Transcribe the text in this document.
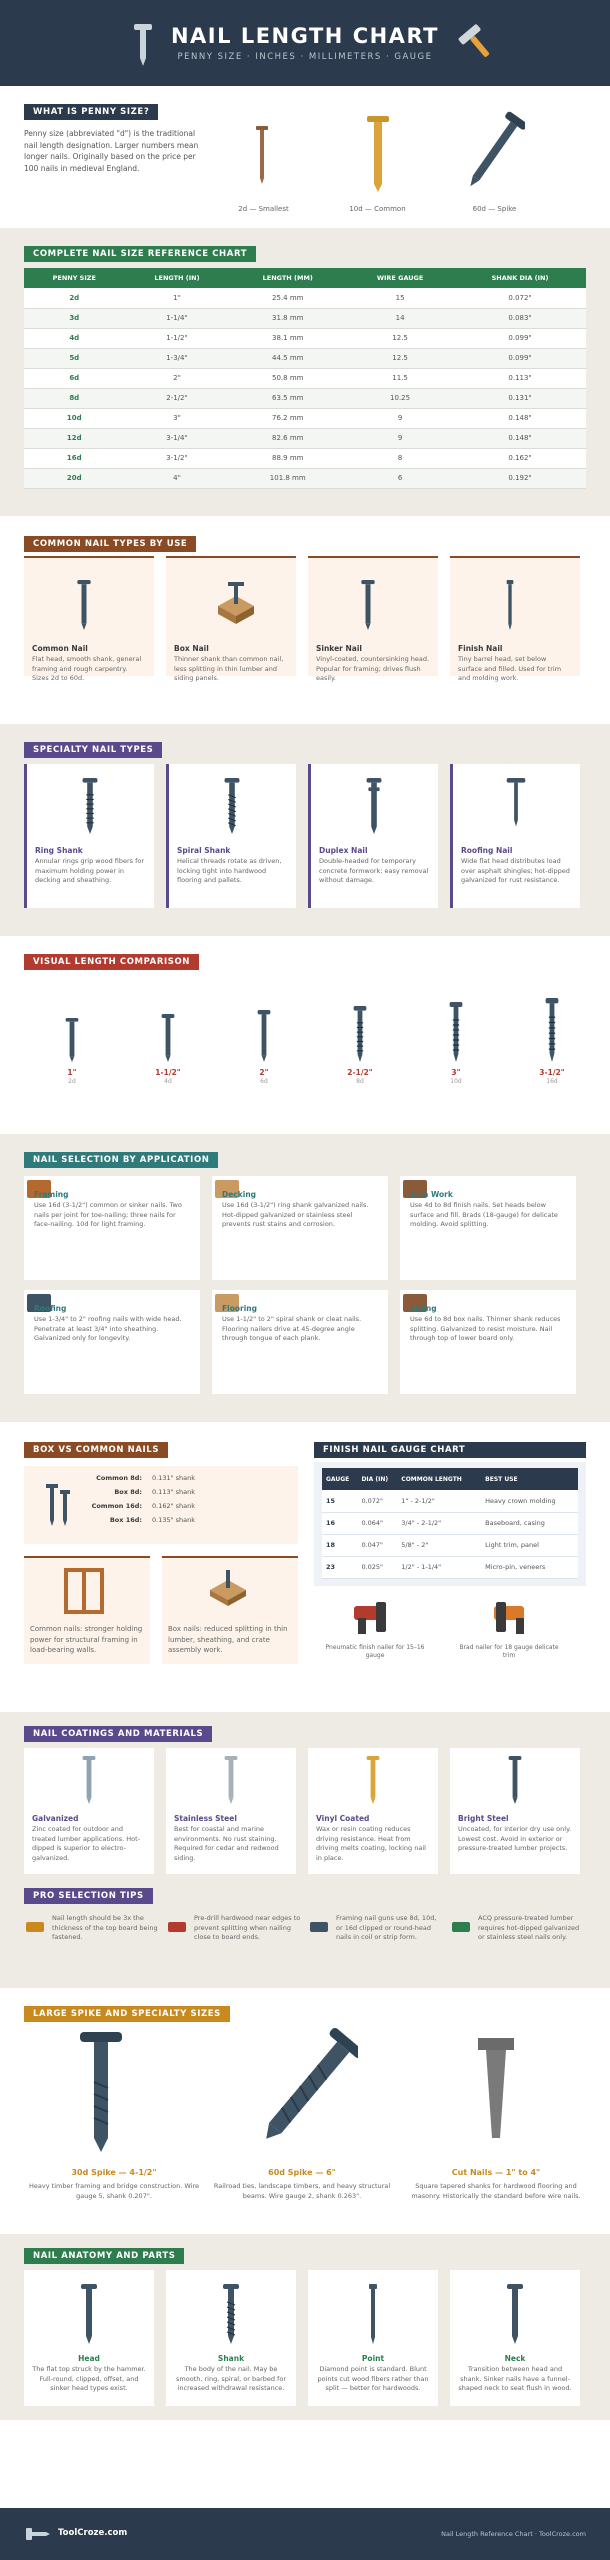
NAIL LENGTH CHART
PENNY SIZE · INCHES · MILLIMETERS · GAUGE
WHAT IS PENNY SIZE?
Penny size (abbreviated "d") is the traditional nail length designation. Larger numbers mean longer nails. Originally based on the price per 100 nails in medieval England.
2d — Smallest	10d — Common	60d — Spike
COMPLETE NAIL SIZE REFERENCE CHART
PENNY SIZE	LENGTH (IN)	LENGTH (MM)	WIRE GAUGE	SHANK DIA (IN)
2d	1"	25.4 mm	15	0.072"
3d	1-1/4"	31.8 mm	14	0.083"
4d	1-1/2"	38.1 mm	12.5	0.099"
5d	1-3/4"	44.5 mm	12.5	0.099"
6d	2"	50.8 mm	11.5	0.113"
8d	2-1/2"	63.5 mm	10.25	0.131"
10d	3"	76.2 mm	9	0.148"
12d	3-1/4"	82.6 mm	9	0.148"
16d	3-1/2"	88.9 mm	8	0.162"
20d	4"	101.8 mm	6	0.192"
COMMON NAIL TYPES BY USE
Common Nail
Flat head, smooth shank, general framing and rough carpentry. Sizes 2d to 60d.
Box Nail
Thinner shank than common nail, less splitting in thin lumber and siding panels.
Sinker Nail
Vinyl-coated, countersinking head. Popular for framing; drives flush easily.
Finish Nail
Tiny barrel head, set below surface and filled. Used for trim and molding work.
SPECIALTY NAIL TYPES
Ring Shank
Annular rings grip wood fibers for maximum holding power in decking and sheathing.
Spiral Shank
Helical threads rotate as driven, locking tight into hardwood flooring and pallets.
Duplex Nail
Double-headed for temporary concrete formwork; easy removal without damage.
Roofing Nail
Wide flat head distributes load over asphalt shingles; hot-dipped galvanized for rust resistance.
VISUAL LENGTH COMPARISON
1"
2d
1-1/2"
4d
2"
6d
2-1/2"
8d
3"
10d
3-1/2"
16d
NAIL SELECTION BY APPLICATION
Framing
Use 16d (3-1/2") common or sinker nails. Two nails per joint for toe-nailing; three nails for face-nailing. 10d for light framing.
Decking
Use 16d (3-1/2") ring shank galvanized nails. Hot-dipped galvanized or stainless steel prevents rust stains and corrosion.
Trim Work
Use 4d to 8d finish nails. Set heads below surface and fill. Brads (18-gauge) for delicate molding. Avoid splitting.
Roofing
Use 1-3/4" to 2" roofing nails with wide head. Penetrate at least 3/4" into sheathing. Galvanized only for longevity.
Flooring
Use 1-1/2" to 2" spiral shank or cleat nails. Flooring nailers drive at 45-degree angle through tongue of each plank.
Siding
Use 6d to 8d box nails. Thinner shank reduces splitting. Galvanized to resist moisture. Nail through top of lower board only.
BOX VS COMMON NAILS
Common 8d: 0.131" shank
Box 8d: 0.113" shank
Common 16d: 0.162" shank
Box 16d: 0.135" shank
Common nails: stronger holding power for structural framing in load-bearing walls.
Box nails: reduced splitting in thin lumber, sheathing, and crate assembly work.
FINISH NAIL GAUGE CHART
GAUGE	DIA (IN)	COMMON LENGTH	BEST USE
15	0.072"	1" - 2-1/2"	Heavy crown molding
16	0.064"	3/4" - 2-1/2"	Baseboard, casing
18	0.047"	5/8" - 2"	Light trim, panel
23	0.025"	1/2" - 1-1/4"	Micro-pin, veneers
Pneumatic finish nailer for 15–16 gauge
Brad nailer for 18 gauge delicate trim
NAIL COATINGS AND MATERIALS
Galvanized
Zinc coated for outdoor and treated lumber applications. Hot-dipped is superior to electro-galvanized.
Stainless Steel
Best for coastal and marine environments. No rust staining. Required for cedar and redwood siding.
Vinyl Coated
Wax or resin coating reduces driving resistance. Heat from driving melts coating, locking nail in place.
Bright Steel
Uncoated, for interior dry use only. Lowest cost. Avoid in exterior or pressure-treated lumber projects.
PRO SELECTION TIPS
Nail length should be 3x the thickness of the top board being fastened.
Pre-drill hardwood near edges to prevent splitting when nailing close to board ends.
Framing nail guns use 8d, 10d, or 16d clipped or round-head nails in coil or strip form.
ACQ pressure-treated lumber requires hot-dipped galvanized or stainless steel nails only.
LARGE SPIKE AND SPECIALTY SIZES
30d Spike — 4-1/2"
Heavy timber framing and bridge construction. Wire gauge 5, shank 0.207".
60d Spike — 6"
Railroad ties, landscape timbers, and heavy structural beams. Wire gauge 2, shank 0.263".
Cut Nails — 1" to 4"
Square tapered shanks for hardwood flooring and masonry. Historically the standard before wire nails.
NAIL ANATOMY AND PARTS
Head
The flat top struck by the hammer. Full-round, clipped, offset, and sinker head types exist.
Shank
The body of the nail. May be smooth, ring, spiral, or barbed for increased withdrawal resistance.
Point
Diamond point is standard. Blunt points cut wood fibers rather than split — better for hardwoods.
Neck
Transition between head and shank. Sinker nails have a funnel-shaped neck to seat flush in wood.
ToolCroze.com	Nail Length Reference Chart · ToolCroze.com
